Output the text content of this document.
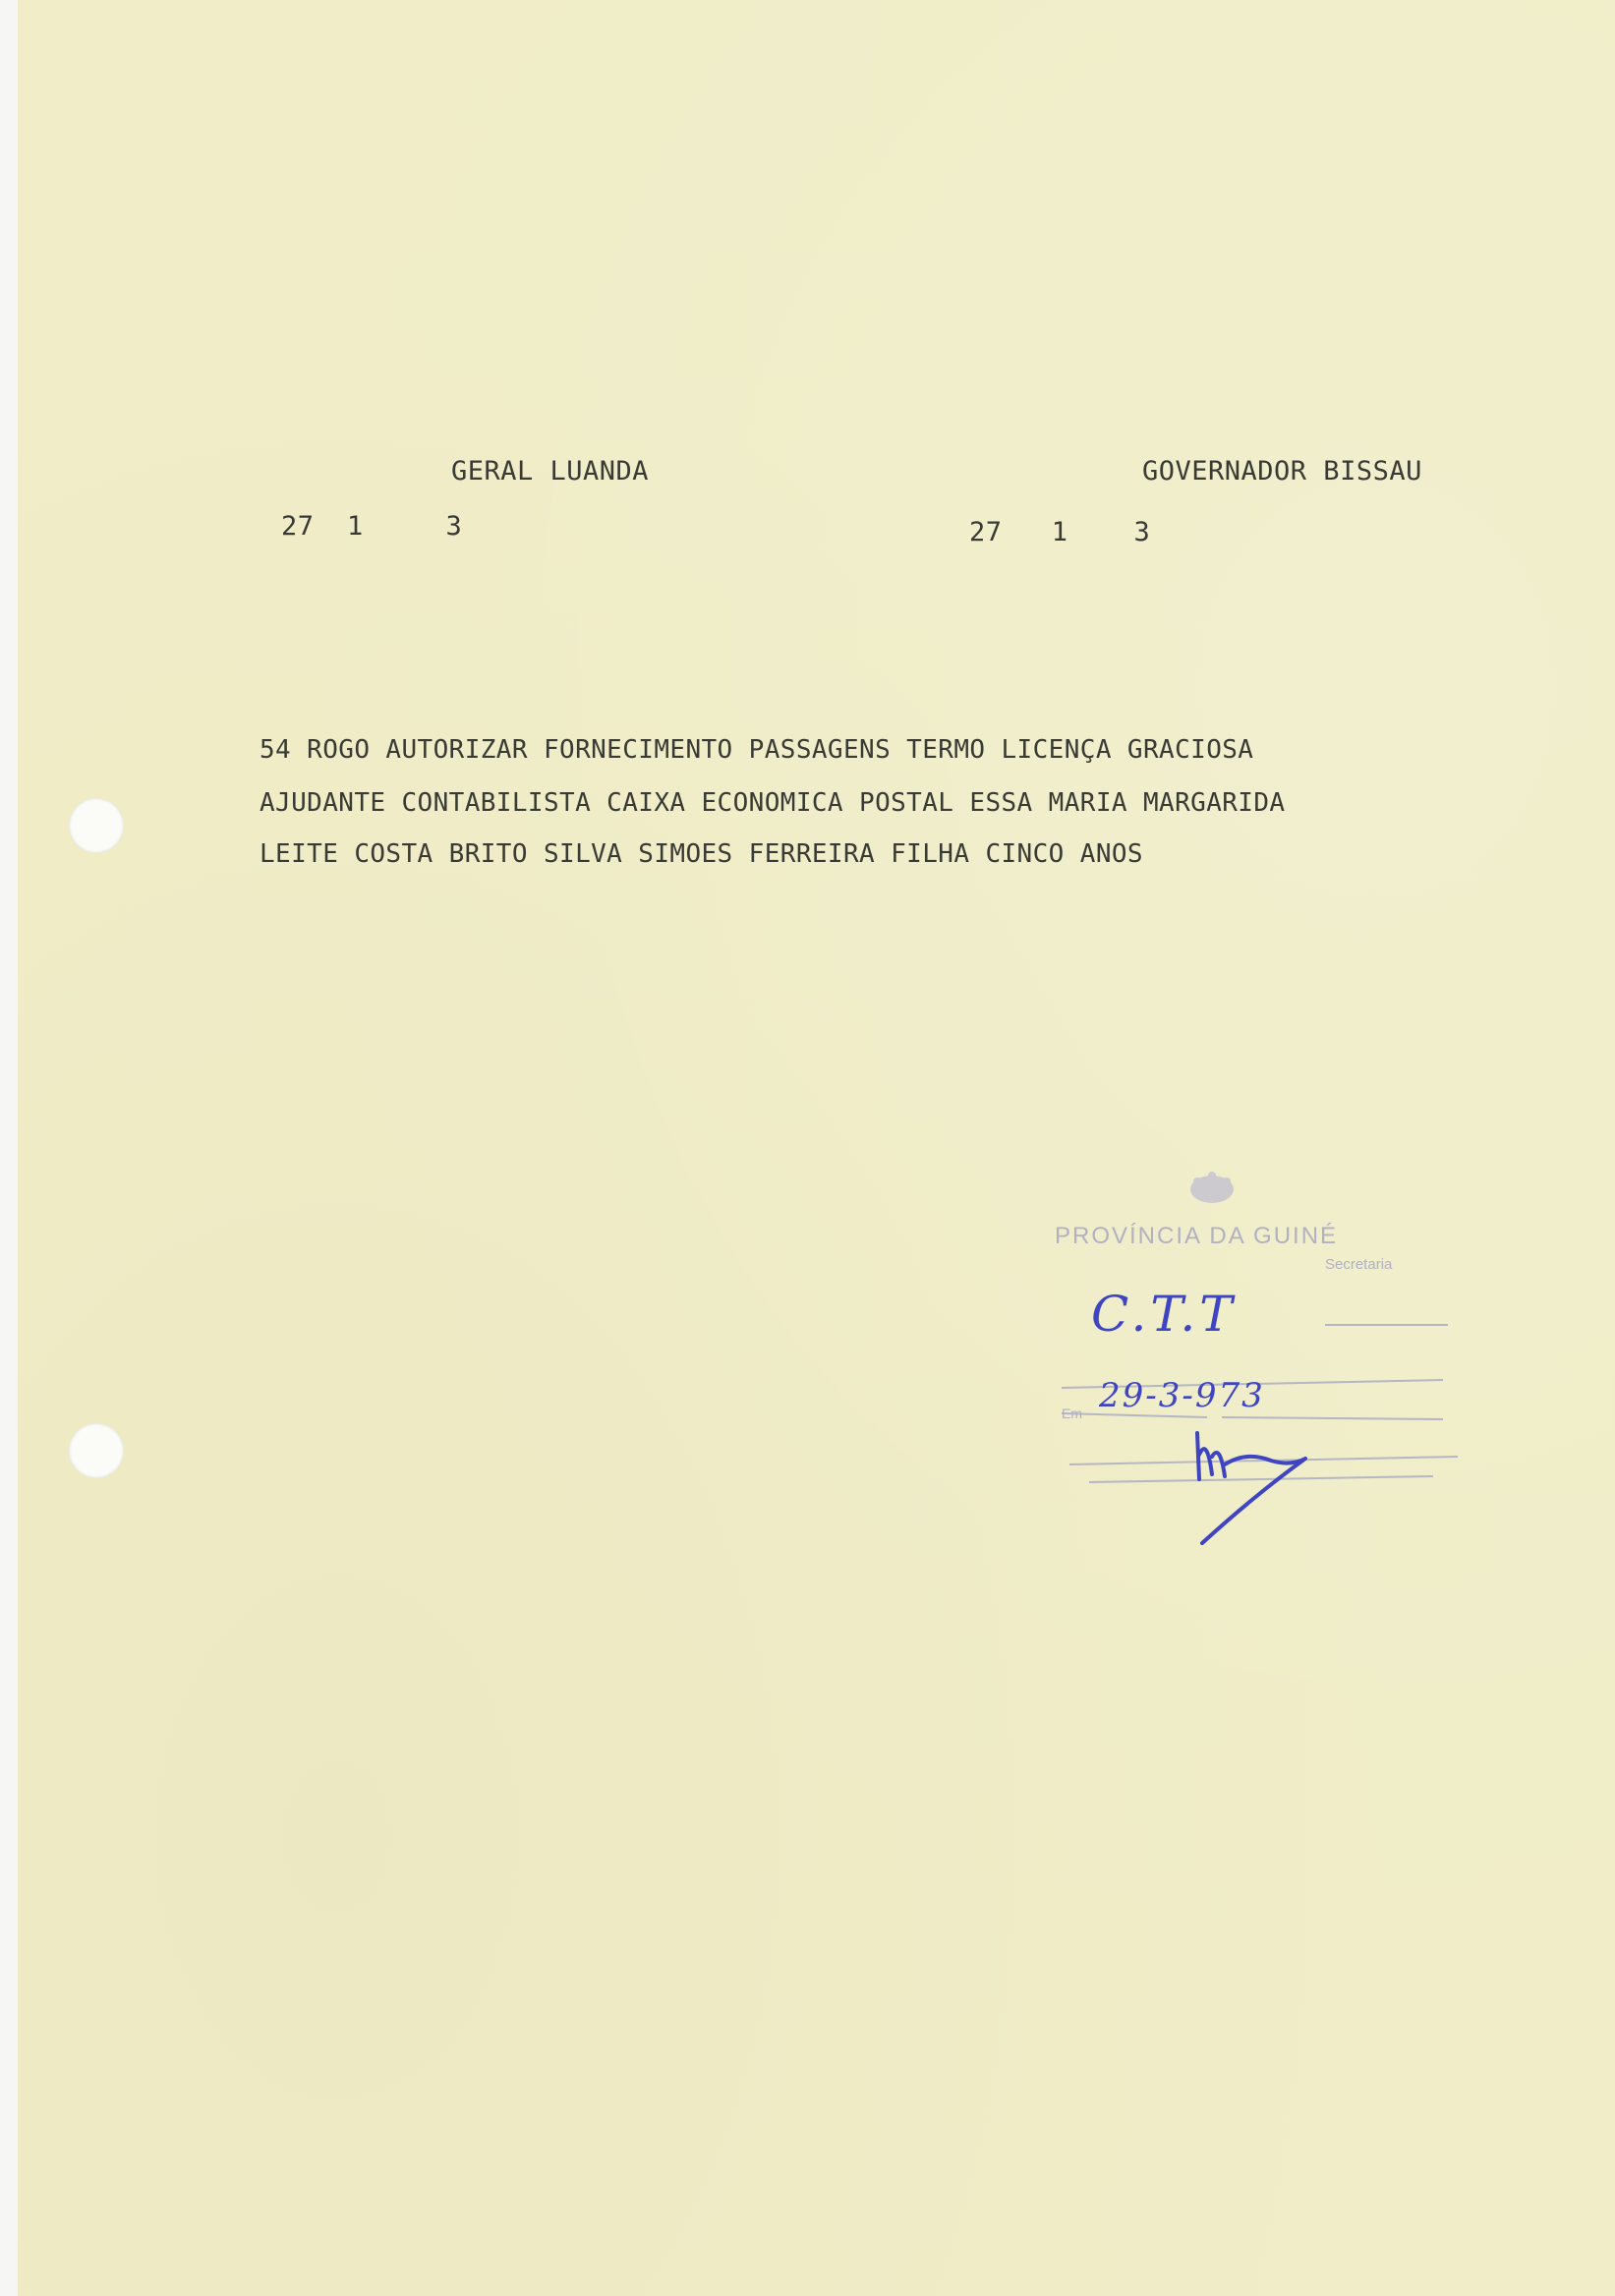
GERAL LUANDA
27  1     3
GOVERNADOR BISSAU
27   1    3
54 ROGO AUTORIZAR FORNECIMENTO PASSAGENS TERMO LICENÇA GRACIOSA
AJUDANTE CONTABILISTA CAIXA ECONOMICA POSTAL ESSA MARIA MARGARIDA
LEITE COSTA BRITO SILVA SIMOES FERREIRA FILHA CINCO ANOS
PROVÍNCIA DA GUINÉ
Secretaria
Em
C.T.T
29-3-973
